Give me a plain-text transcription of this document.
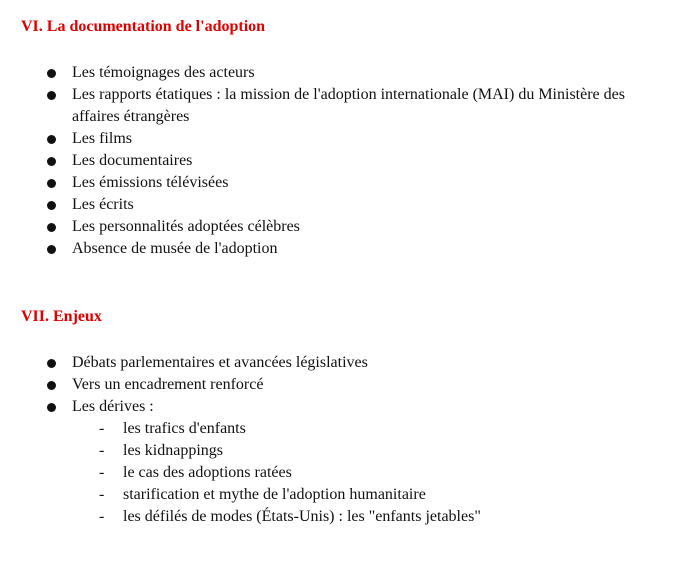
VI. La documentation de l'adoption
Les témoignages des acteurs
Les rapports étatiques : la mission de l'adoption internationale (MAI) du Ministère des affaires étrangères
Les films
Les documentaires
Les émissions télévisées
Les écrits
Les personnalités adoptées célèbres
Absence de musée de l'adoption
VII. Enjeux
Débats parlementaires et avancées législatives
Vers un encadrement renforcé
Les dérives :
- les trafics d'enfants
- les kidnappings
- le cas des adoptions ratées
- starification et mythe de l'adoption humanitaire
- les défilés de modes (États-Unis) : les "enfants jetables"
